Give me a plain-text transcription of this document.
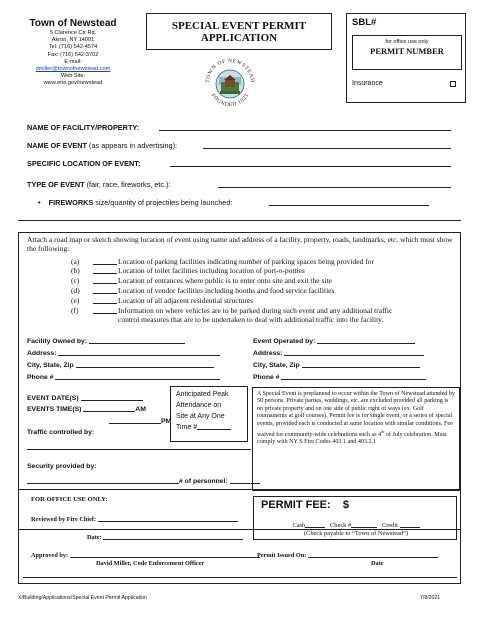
Town of Newstead
5 Clarence Ctr Rd.
Akron, NY 14001
Tel: (716) 542-4574
Fax: (716) 542-3702
E-mail:
dmiller@townofnewstead.com
Web Site:
www.erie.gov/newstead
SPECIAL EVENT PERMIT
APPLICATION
TOWN OF NEWSTEAD
FOUNDED 1823
SBL#
for office use only
PERMIT NUMBER
Insurance
NAME OF FACILITY/PROPERTY:
NAME OF EVENT (as appears in advertising):
SPECIFIC LOCATION OF EVENT:
TYPE OF EVENT (fair, race, fireworks, etc.):
•    FIREWORKS size/quantity of projectiles being launched:
Attach a road map or sketch showing location of event using name and address of a facility, property, roads, landmarks, etc. which must show the following:
(a)	Location of parking facilities indicating number of parking spaces being provided for
(b)	Location of toilet facilities including location of port-o-potties
(c)	Location of entrances where public is to enter onto site and exit the site
(d)	Location of vendor facilities including booths and food service facilities
(e)	Location of all adjacent residential structures
(f)	Information on where vehicles are to be parked during such event and any additional traffic
control measures that are to be undertaken to deal with additional traffic into the facility.
Facility Owned by:
Address:
City, State, Zip
Phone #
Event Operated by:
Address:
City, State, Zip
Phone #
EVENT DATE(S)
EVENTS TIME(S)	AM
PM
Traffic controlled by:
Security provided by:
# of personnel:
Anticipated Peak
Attendance on
Site at Any One
Time #
A Special Event is preplanned to occur within the Town of Newstead attended by 50 persons. Private parties, weddings, etc. are excluded provided all parking is on private property and on one side of public right of ways (ex. Golf tournaments at golf courses). Permit fee is for single event, or a series of special events, provided each is conducted at same location with similar conditions. Fee waived for community-wide celebrations such as 4th of July celebration. Must comply with NY S Fire Codes 403.1 and 403.2.1
FOR OFFICE USE ONLY:
Reviewed by Fire Chief:
Date:
Approved by:
David Miller, Code Enforcement Officer
Permit Issued On:
Date
PERMIT FEE: $
Cash	Check #	Credit
(Check payable to “Town of Newstead”)
X/Building/Applications/Special Event Permit Application	7/8/2021
